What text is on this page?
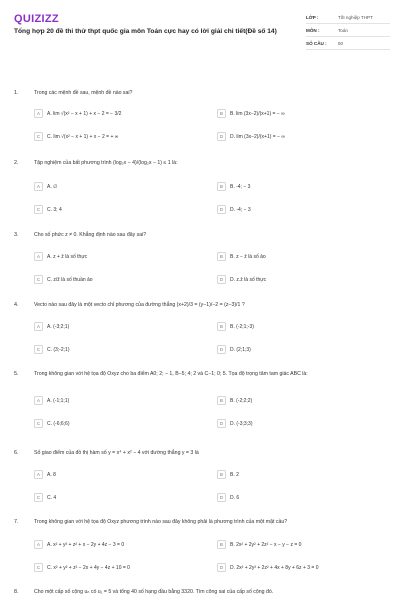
QUIZIZZ
Tổng hợp 20 đề thi thử thpt quốc gia môn Toán cực hay có lời giải chi tiết(Đề số 14)
LỚP :	Tốt nghiệp THPT
MÔN :	Toán
SỐ CÂU :	50
1.	Trong các mệnh đề sau, mệnh đề nào sai?
A	A. lim √(x² − x + 1) + x − 2 = − 3/2	B	B. lim (3x−2)/(x+1) = − ∞
C	C. lim √(x² − x + 1) + x − 2 = + ∞	D	D. lim (3x−2)/(x+1) = − ∞
2.	Tập nghiệm của bất phương trình (log₂x − 4)/(log₂x − 1) ≤ 1 là:
A	A. ∅	B	B. -4; − 3
C	C. 3; 4	D	D. -4; − 3
3.	Cho số phức z ≠ 0. Khẳng định nào sau đây sai?
A	A. z + z̄ là số thực	B	B. z − z̄ là số ảo
C	C. z/z̄ là số thuần ảo	D	D. z.z̄ là số thực
4.	Vecto nào sau đây là một vecto chỉ phương của đường thẳng (x+2)/3 = (y−1)/−2 = (z−3)/1 ?
A	A. (-3;2;1)	B	B. (-2;1;-3)
C	C. (3;-2;1)	D	D. (2;1;3)
5.	Trong không gian với hệ tọa độ Oxyz cho ba điểm A0; 2; − 1, B−5; 4; 2 và C−1; 0; 5. Tọa độ trọng tâm tam giác ABC là:
A	A. (-1;1;1)	B	B. (-2;2;2)
C	C. (-6;6;6)	D	D. (-3;3;3)
6.	Số giao điểm của đồ thị hàm số y = x⁴ + x² − 4 với đường thẳng y = 3 là
A	A. 8	B	B. 2
C	C. 4	D	D. 6
7.	Trong không gian với hệ tọa độ Oxyz phương trình nào sau đây không phải là phương trình của một mặt cầu?
A	A. x² + y² + z² + x − 2y + 4z − 3 = 0	B	B. 2x² + 2y² + 2z² − x − y − z = 0
C	C. x² + y² + z² − 2x + 4y − 4z + 10 = 0	D	D. 2x² + 2y² + 2z² + 4x + 8y + 6z + 3 = 0
8.	Cho một cấp số cộng uₙ có u₁ = 5 và tổng 40 số hạng đầu bằng 3320. Tìm công sai của cấp số cộng đó.
